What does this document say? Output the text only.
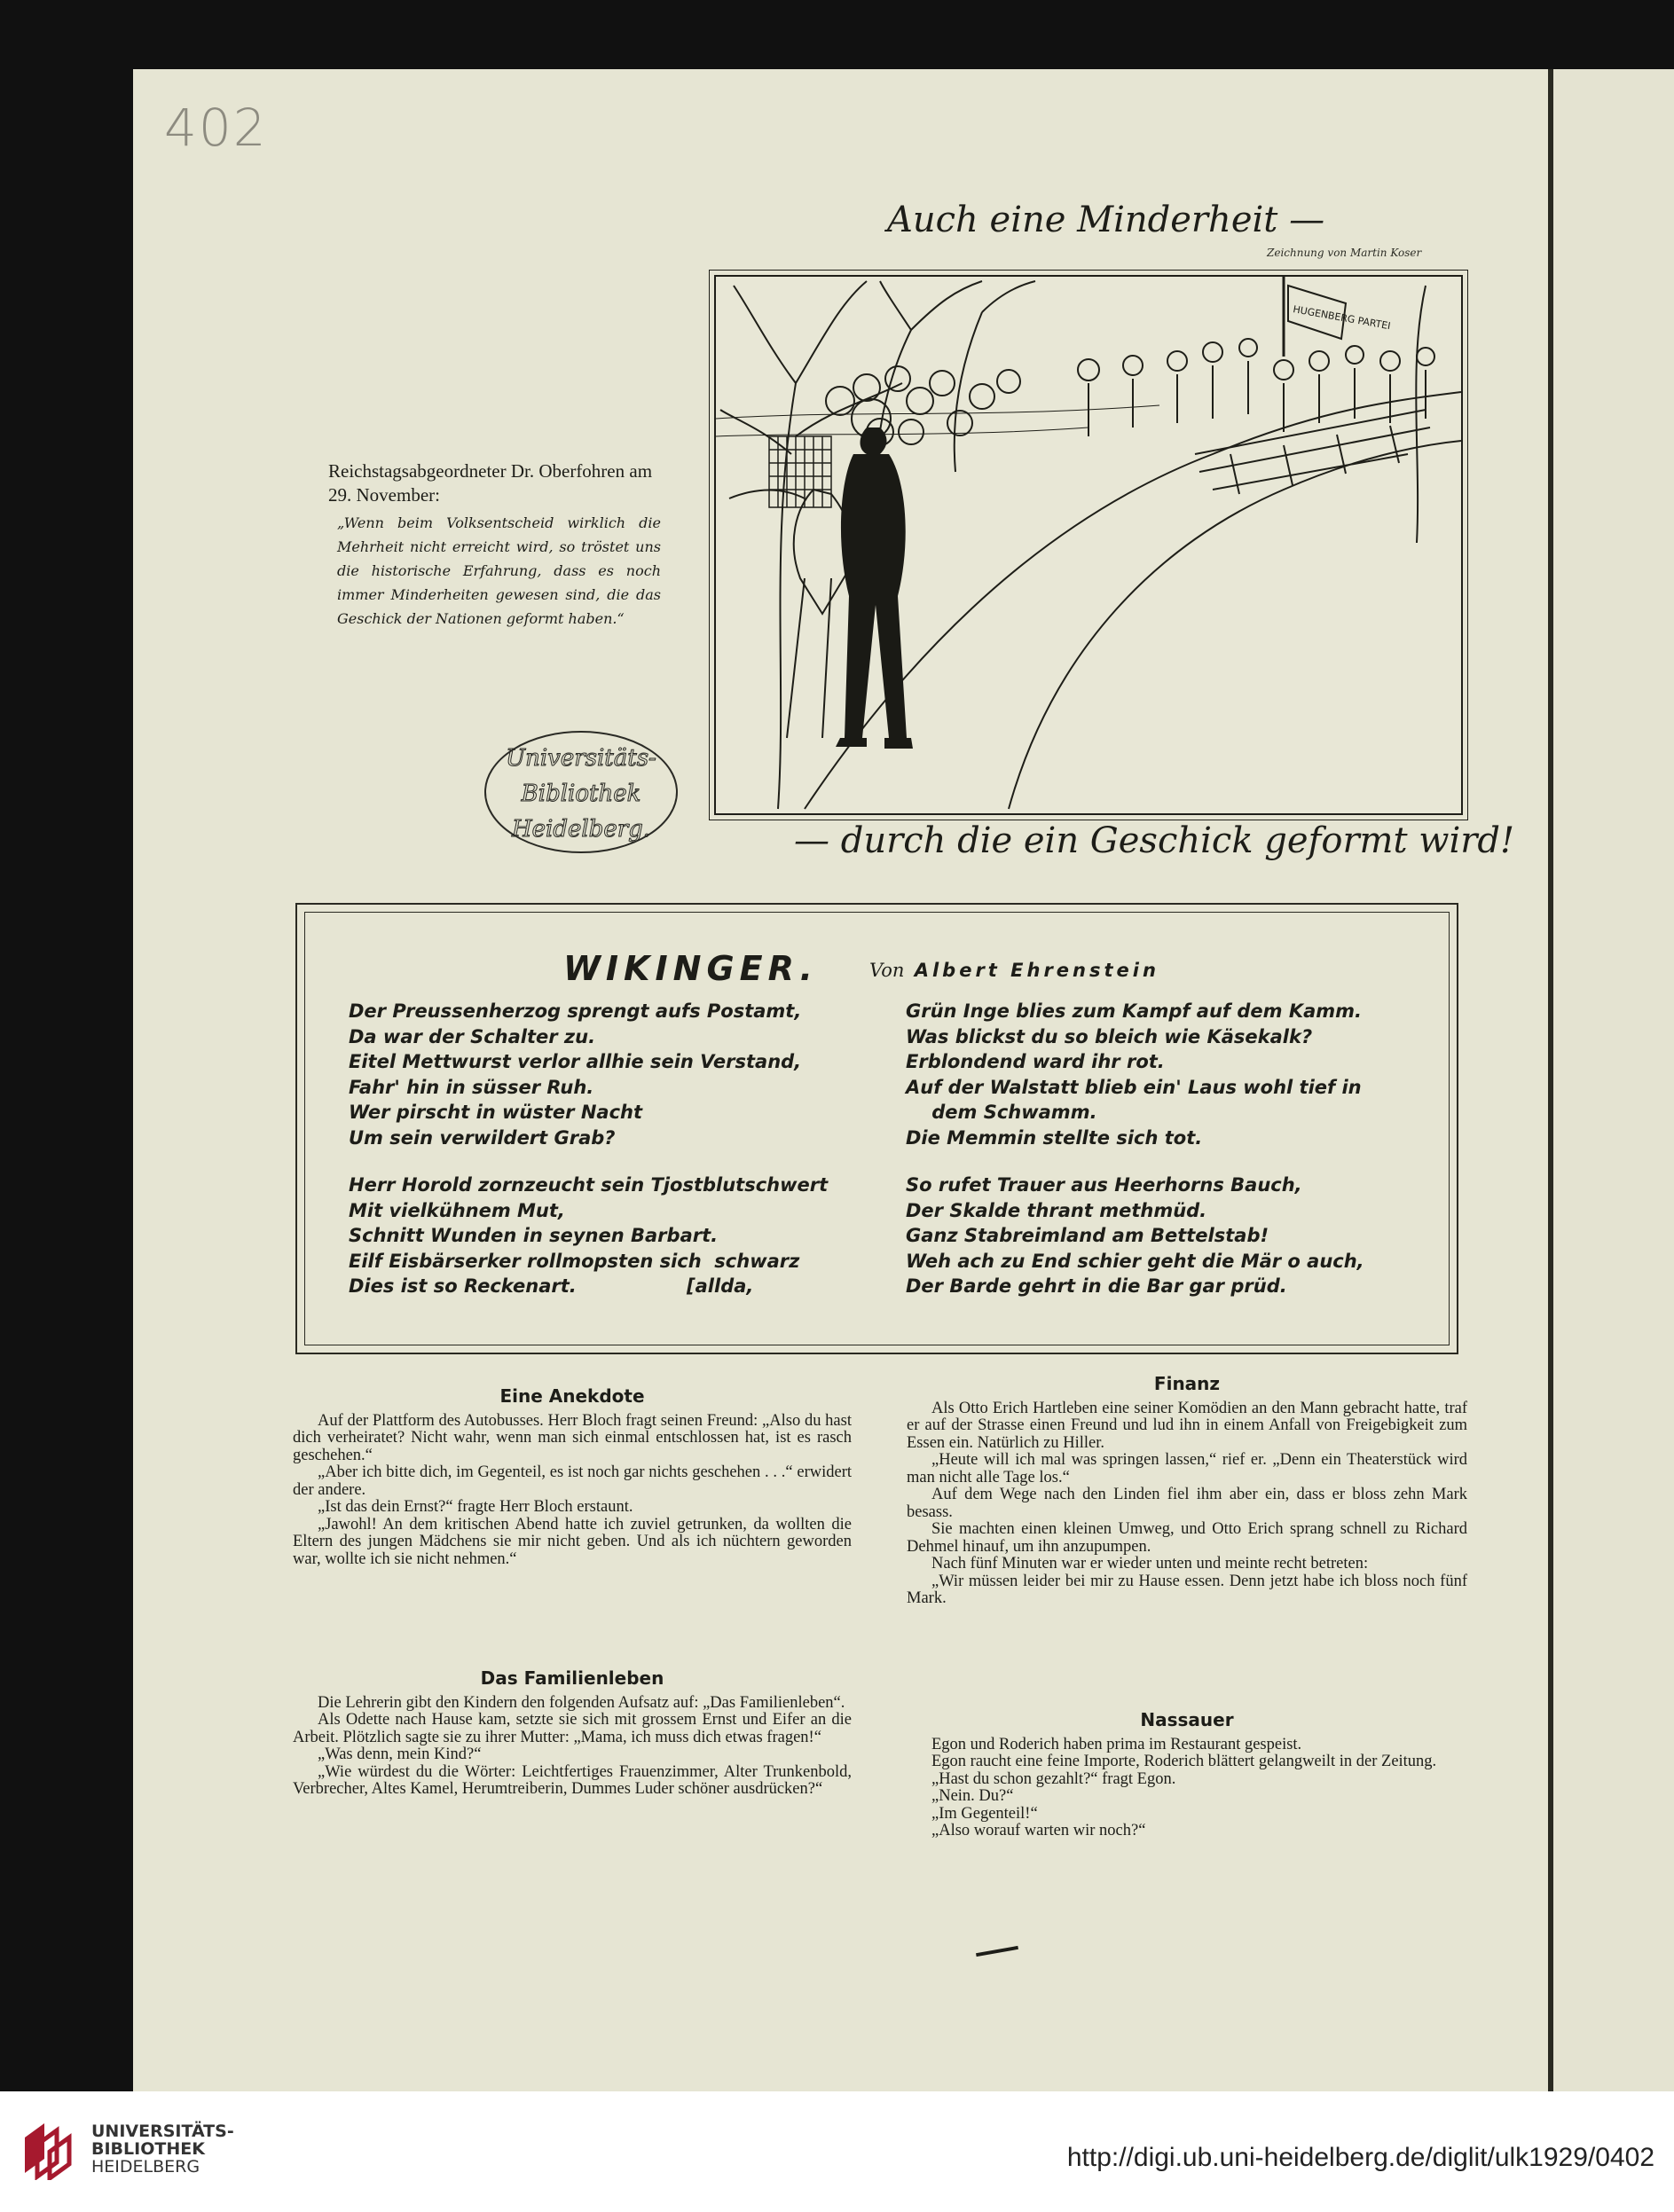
402
Auch eine Minderheit —
Zeichnung von Martin Koser
HUGENBERG PARTEI
— durch die ein Geschick geformt wird!

Reichstagsabgeordneter Dr. Oberfohren am 29. November:

„Wenn beim Volksentscheid wirklich die Mehrheit nicht erreicht wird, so tröstet uns die historische Erfahrung, dass es noch immer Minderheiten gewesen sind, die das Geschick der Nationen geformt haben.“

Universitäts-
Bibliothek
Heidelberg.
WIKINGER.	Von Albert Ehrenstein
Der Preussenherzog sprengt aufs Postamt,
Da war der Schalter zu.
Eitel Mettwurst verlor allhie sein Verstand,
Fahr' hin in süsser Ruh.
Wer pirscht in wüster Nacht
Um sein verwildert Grab?
Herr Horold zornzeucht sein Tjostblutschwert
Mit vielkühnem Mut,
Schnitt Wunden in seynen Barbart.
Eilf Eisbärserker rollmopsten sich  schwarz
Dies ist so Reckenart.                 [allda,
Grün Inge blies zum Kampf auf dem Kamm.
Was blickst du so bleich wie Käsekalk?
Erblondend ward ihr rot.
Auf der Walstatt blieb ein' Laus wohl tief in
dem Schwamm.
Die Memmin stellte sich tot.
So rufet Trauer aus Heerhorns Bauch,
Der Skalde thrant methmüd.
Ganz Stabreimland am Bettelstab!
Weh ach zu End schier geht die Mär o auch,
Der Barde gehrt in die Bar gar prüd.
Eine Anekdote

Auf der Plattform des Autobusses. Herr Bloch fragt seinen Freund: „Also du hast dich verheiratet? Nicht wahr, wenn man sich einmal entschlossen hat, ist es rasch geschehen.“

„Aber ich bitte dich, im Gegenteil, es ist noch gar nichts geschehen . . .“ erwidert der andere.

„Ist das dein Ernst?“ fragte Herr Bloch erstaunt.

„Jawohl! An dem kritischen Abend hatte ich zuviel getrunken, da wollten die Eltern des jungen Mädchens sie mir nicht geben. Und als ich nüchtern geworden war, wollte ich sie nicht nehmen.“

Das Familienleben

Die Lehrerin gibt den Kindern den folgenden Aufsatz auf: „Das Familienleben“.

Als Odette nach Hause kam, setzte sie sich mit grossem Ernst und Eifer an die Arbeit. Plötzlich sagte sie zu ihrer Mutter: „Mama, ich muss dich etwas fragen!“

„Was denn, mein Kind?“

„Wie würdest du die Wörter: Leichtfertiges Frauenzimmer, Alter Trunkenbold, Verbrecher, Altes Kamel, Herumtreiberin, Dummes Luder schöner ausdrücken?“

Finanz

Als Otto Erich Hartleben eine seiner Komödien an den Mann gebracht hatte, traf er auf der Strasse einen Freund und lud ihn in einem Anfall von Freigebigkeit zum Essen ein. Natürlich zu Hiller.

„Heute will ich mal was springen lassen,“ rief er. „Denn ein Theaterstück wird man nicht alle Tage los.“

Auf dem Wege nach den Linden fiel ihm aber ein, dass er bloss zehn Mark besass.

Sie machten einen kleinen Umweg, und Otto Erich sprang schnell zu Richard Dehmel hinauf, um ihn anzupumpen.

Nach fünf Minuten war er wieder unten und meinte recht betreten:

„Wir müssen leider bei mir zu Hause essen. Denn jetzt habe ich bloss noch fünf Mark.

Nassauer

Egon und Roderich haben prima im Restaurant gespeist.

Egon raucht eine feine Importe, Roderich blättert gelangweilt in der Zeitung.

„Hast du schon gezahlt?“ fragt Egon.

„Nein. Du?“

„Im Gegenteil!“

„Also worauf warten wir noch?“

UNIVERSITÄTS-
BIBLIOTHEK
HEIDELBERG	http://digi.ub.uni-heidelberg.de/diglit/ulk1929/0402
